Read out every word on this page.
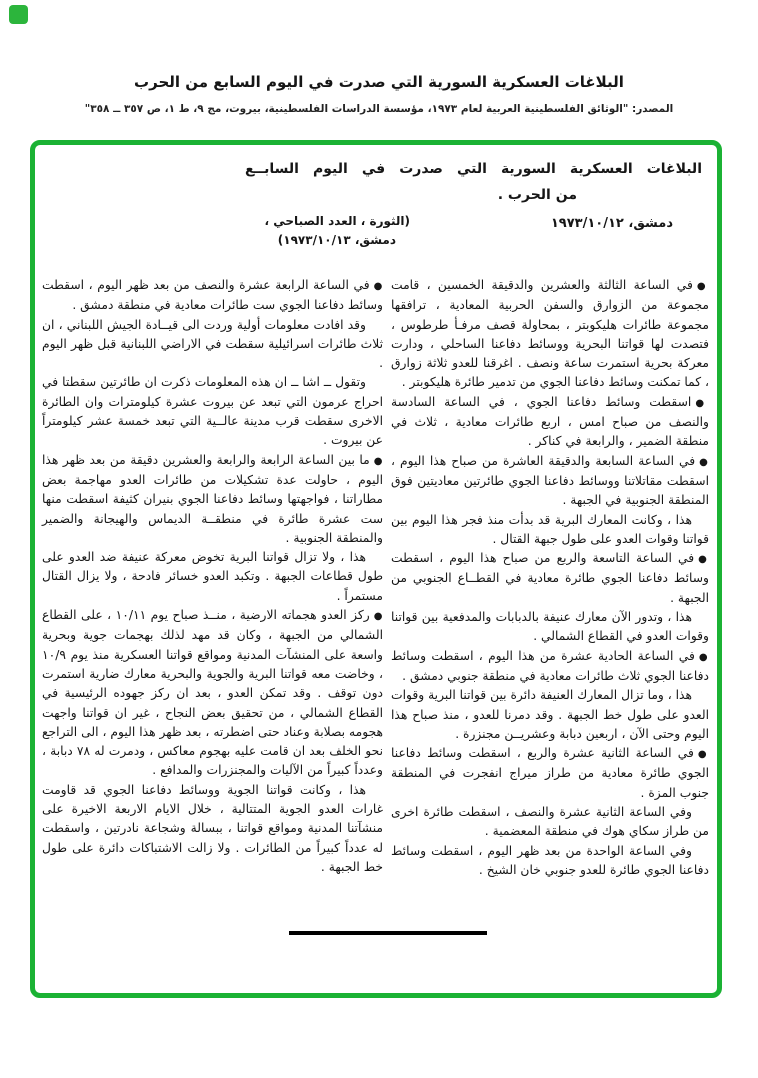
البلاغات العسكرية السورية التي صدرت في اليوم السابع من الحرب
المصدر: "الوثائق الفلسطينية العربية لعام ١٩٧٣، مؤسسة الدراسات الفلسطينية، بيروت، مج ٩، ط ١، ص ٣٥٧ ــ ٣٥٨"
البلاغات العسكرية السورية التي صدرت في اليوم السابــع
من الحرب .
دمشق، ١٩٧٣/١٠/١٢
(الثورة ، العدد الصباحي ،
دمشق، ١٩٧٣/١٠/١٣)

●في الساعة الثالثة والعشرين والدقيقة الخمسين ، قامت مجموعة من الزوارق والسفن الحربية المعادية ، ترافقها مجموعة طائرات هليكوبتر ، بمحاولة قصف مرفـأ طرطوس ، فتصدت لها قواتنا البحرية ووسائط دفاعنا الساحلي ، ودارت معركة بحرية استمرت ساعة ونصف . اغرقنا للعدو ثلاثة زوارق ، كما تمكنت وسائط دفاعنا الجوي من تدمير طائرة هليكوبتر .

●اسقطت وسائط دفاعنا الجوي ، في الساعة السادسة والنصف من صباح امس ، اربع طائرات معادية ، ثلاث في منطقة الضمير ، والرابعة في كناكر .

●في الساعة السابعة والدقيقة العاشرة من صباح هذا اليوم ، اسقطت مقاتلاتنا ووسائط دفاعنا الجوي طائرتين معاديتين فوق المنطقة الجنوبية في الجبهة .

هذا ، وكانت المعارك البرية قد بدأت منذ فجر هذا اليوم بين قواتنا وقوات العدو على طول جبهة القتال .

●في الساعة التاسعة والربع من صباح هذا اليوم ، اسقطت وسائط دفاعنا الجوي طائرة معادية في القطــاع الجنوبي من الجبهة .

هذا ، وتدور الآن معارك عنيفة بالدبابات والمدفعية بين قواتنا وقوات العدو في القطاع الشمالي .

●في الساعة الحادية عشرة من هذا اليوم ، اسقطت وسائط دفاعنا الجوي ثلاث طائرات معادية في منطقة جنوبي دمشق .

هذا ، وما تزال المعارك العنيفة دائرة بين قواتنا البرية وقوات العدو على طول خط الجبهة . وقد دمرنا للعدو ، منذ صباح هذا اليوم وحتى الآن ، اربعين دبابة وعشريــن مجنزرة .

●في الساعة الثانية عشرة والربع ، اسقطت وسائط دفاعنا الجوي طائرة معادية من طراز ميراج انفجرت في المنطقة جنوب المزة .

وفي الساعة الثانية عشرة والنصف ، اسقطت طائرة اخرى من طراز سكاي هوك في منطقة المعضمية .

وفي الساعة الواحدة من بعد ظهر اليوم ، اسقطت وسائط دفاعنا الجوي طائرة للعدو جنوبي خان الشيخ .

●في الساعة الرابعة عشرة والنصف من بعد ظهر اليوم ، اسقطت وسائط دفاعنا الجوي ست طائرات معادية في منطقة دمشق .

وقد افادت معلومات أولية وردت الى قيــادة الجيش اللبناني ، ان ثلاث طائرات اسرائيلية سقطت في الاراضي اللبنانية قبل ظهر اليوم .

وتقول ــ اشا ــ ان هذه المعلومات ذكرت ان طائرتين سقطتا في احراج عرمون التي تبعد عن بيروت عشرة كيلومترات وان الطائرة الاخرى سقطت قرب مدينة عالــية التي تبعد خمسة عشر كيلومتراً عن بيروت .

●ما بين الساعة الرابعة والرابعة والعشرين دقيقة من بعد ظهر هذا اليوم ، حاولت عدة تشكيلات من طائرات العدو مهاجمة بعض مطاراتنا ، فواجهتها وسائط دفاعنا الجوي بنيران كثيفة اسقطت منها ست عشرة طائرة في منطقــة الديماس والهيجانة والضمير والمنطقة الجنوبية .

هذا ، ولا تزال قواتنا البرية تخوض معركة عنيفة ضد العدو على طول قطاعات الجبهة . وتكبد العدو خسائر فادحة ، ولا يزال القتال مستمراً .

●ركز العدو هجماته الارضية ، منــذ صباح يوم ١٠/١١ ، على القطاع الشمالي من الجبهة ، وكان قد مهد لذلك بهجمات جوية وبحرية واسعة على المنشآت المدنية ومواقع قواتنا العسكرية منذ يوم ١٠/٩ ، وخاضت معه قواتنا البرية والجوية والبحرية معارك ضارية استمرت دون توقف . وقد تمكن العدو ، بعد ان ركز جهوده الرئيسية في القطاع الشمالي ، من تحقيق بعض النجاح ، غير ان قواتنا واجهت هجومه بصلابة وعناد حتى اضطرته ، بعد ظهر هذا اليوم ، الى التراجع نحو الخلف بعد ان قامت عليه بهجوم معاكس ، ودمرت له ٧٨ دبابة ، وعدداً كبيراً من الآليات والمجنزرات والمدافع .

هذا ، وكانت قواتنا الجوية ووسائط دفاعنا الجوي قد قاومت غارات العدو الجوية المتتالية ، خلال الايام الاربعة الاخيرة على منشآتنا المدنية ومواقع قواتنا ، ببسالة وشجاعة نادرتين ، واسقطت له عدداً كبيراً من الطائرات . ولا زالت الاشتباكات دائرة على طول خط الجبهة .
